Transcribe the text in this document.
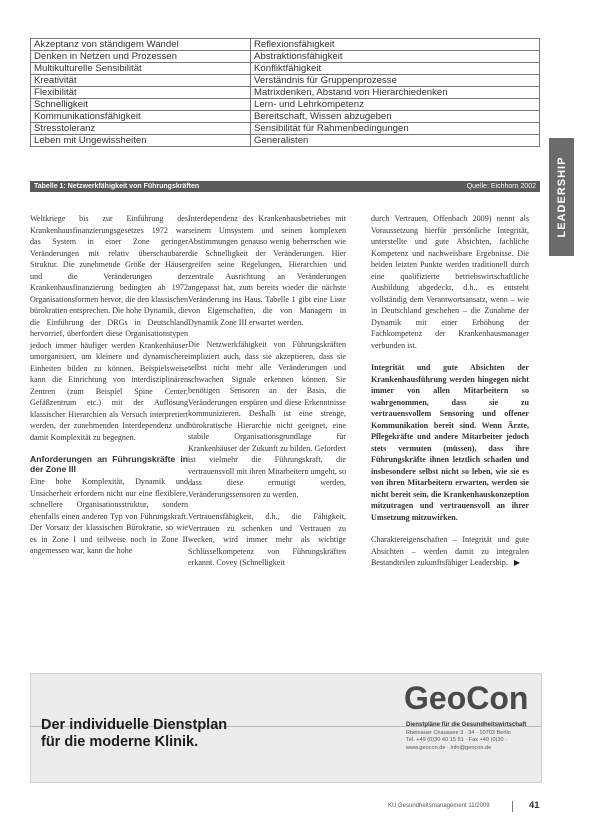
Akzeptanz von ständigem Wandel	Reflexionsfähigkeit
Denken in Netzen und Prozessen	Abstraktionsfähigkeit
Multikulturelle Sensibilität	Konfliktfähigkeit
Kreativität	Verständnis für Gruppenprozesse
Flexibilität	Matrixdenken, Abstand von Hierarchiedenken
Schnelligkeit	Lern- und Lehrkompetenz
Kommunikationsfähigkeit	Bereitschaft, Wissen abzugeben
Stresstoleranz	Sensibilität für Rahmenbedingungen
Leben mit Ungewissheiten	Generalisten
Tabelle 1: Netzwerkfähigkeit von Führungskräften	Quelle: Eichhorn 2002 LEADERSHIP

Weltkriege bis zur Einführung des Krankenhausfinanzierungsgesetzes 1972 war das System in einer Zone geringer Veränderungen mit relativ überschaubarer Struktur. Die zunehmende Größe der Häuser und die Veränderungen der Krankenhausfinanzierung bedingten ab 1972 Organisationsformen hervor, die den klassischen bürokratien entsprechen. Die hohe Dynamik, die die Einführung der DRGs in Deutschland hervorrief, überfordert diese Organisationstypen jedoch immer häufiger werden Krankenhäuser umorganisiert, um kleinere und dynamischere Einheiten bilden zu können. Beispielsweise kann die Einrichtung von interdisziplinären Zentren (zum Beispiel Spine Center, Gefäßzentrum etc.) mit der Auflösung klassischer Hierarchien als Versuch interpretiert werden, der zunehmenden Interdependenz und damit Komplexität zu begegnen.

Anforderungen an Führungskräfte in der Zone III

Eine hohe Komplexität, Dynamik und Unsicherheit erfordern nicht nur eine flexiblere, schnellere Organisationsstruktur, sondern ebenfalls einen anderen Typ von Führungskraft. Der Vorsatz der klassischen Bürokratie, so wie es in Zone I und teilweise noch in Zone II angemessen war, kann die hohe

Interdependenz des Krankenhausbetriebes mit seinem Umsystem und seinen komplexen Abstimmungen genauso wenig beherrschen wie die Schnelligkeit der Veränderungen. Hier greifen seine Regelungen, Hierarchien und zentrale Ausrichtung an Veränderungen angepasst hat, zum bereits wieder die nächste Veränderung ins Haus. Tabelle 1 gibt eine Liste von Eigenschaften, die von Managern in Dynamik Zone III erwartet werden.

Die Netzwerkfähigkeit von Führungskräften impliziert auch, dass sie akzeptieren, dass sie selbst nicht mehr alle Veränderungen und schwachen Signale erkennen können. Sie benötigen Sensoren an der Basis, die Veränderungen erspüren und diese Erkenntnisse kommunizieren. Deshalb ist eine strenge, bürokratische Hierarchie nicht geeignet, eine stabile Organisationsgrundlage für Krankenhäuser der Zukunft zu bilden. Gefordert ist vielmehr die Führungskraft, die vertrauensvoll mit ihren Mitarbeitern umgeht, so dass diese ermutigt werden, Veränderungssensoren zu werden.

Vertrauensfähigkeit, d.h., die Fähigkeit, Vertrauen zu schenken und Vertrauen zu wecken, wird immer mehr als wichtige Schlüsselkompetenz von Führungskräften erkannt. Covey (Schnelligkeit

durch Vertrauen, Offenbach 2009) nennt als Voraussetzung hierfür persönliche Integrität, unterstellte und gute Absichten, fachliche Kompetenz und nachweisbare Ergebnisse. Die beiden letzten Punkte werden traditionell durch eine qualifizierte betriebswirtschaftliche Ausbildung abgedeckt, d.h., es entsteht vollständig dem Verantwortsansatz, wenn – wie in Deutschland geschehen – die Zunahme der Dynamik mit einer Erhöhung der Fachkompetenz der Krankenhausmanager verbunden ist.

Integrität und gute Absichten der Krankenhausführung werden hingegen nicht immer von allen Mitarbeitern so wahrgenommen, dass sie zu vertrauensvollem Sensoring und offener Kommunikation bereit sind. Wenn Ärzte, Pflegekräfte und andere Mitarbeiter jedoch stets vermuten (müssen), dass ihre Führungskräfte ihnen letztlich schaden und insbesondere selbst nicht so leben, wie sie es von ihren Mitarbeitern erwarten, werden sie nicht bereit sein, die Krankenhauskonzeption mitzutragen und vertrauensvoll an ihrer Umsetzung mitzuwirken.

Charaktereigenschaften – Integrität und gute Absichten – werden damit zu integralen Bestandteilen zukunftsfähiger Leadership. ▶

Der individuelle Dienstplan
für die moderne Klinik.
GeoCon
Dienstpläne für die Gesundheitswirtschaft
Rheinauer Chaussee 3 · 34 · 10703 Berlin
Tel. +49 (0)30 40 15 51 · Fax +49 (0)30 ·
www.geocon.de · info@geocon.de
KU Gesundheitsmanagement 11/2009	41
